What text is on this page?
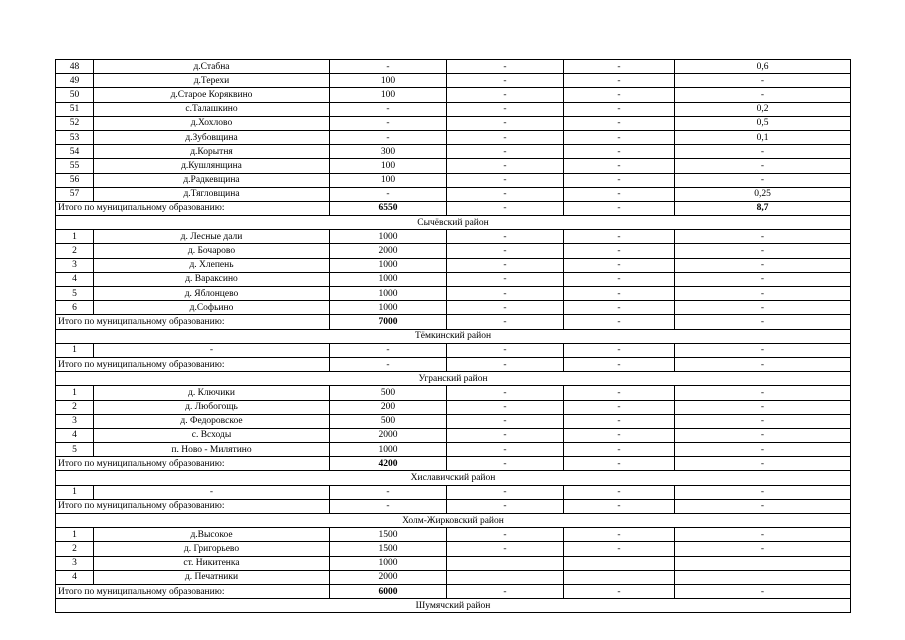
48	д.Стабна	-	-	-	0,6
49	д.Терехи	100	-	-	-
50	д.Старое Коряквино	100	-	-	-
51	с.Талашкино	-	-	-	0,2
52	д.Хохлово	-	-	-	0,5
53	д.Зубовщина	-	-	-	0,1
54	д.Корытня	300	-	-	-
55	д.Кушлянщина	100	-	-	-
56	д.Радкевщина	100	-	-	-
57	д.Тягловщина	-	-	-	0,25
Итого по муниципальному образованию:		6550	-	-	8,7
Сычёвский район					
1	д. Лесные дали	1000	-	-	-
2	д. Бочарово	2000	-	-	-
3	д. Хлепень	1000	-	-	-
4	д. Вараксино	1000	-	-	-
5	д. Яблонцево	1000	-	-	-
6	д.Софьино	1000	-	-	-
Итого по муниципальному образованию:		7000	-	-	-
Тёмкинский район					
1	-	-	-	-	-
Итого по муниципальному образованию:		-	-	-	-
Угранский район					
1	д. Ключики	500	-	-	-
2	д. Любогощь	200	-	-	-
3	д. Федоровское	500	-	-	-
4	с. Всходы	2000	-	-	-
5	п. Ново - Милятино	1000	-	-	-
Итого по муниципальному образованию:		4200	-	-	-
Хиславичский район					
1	-	-	-	-	-
Итого по муниципальному образованию:		-	-	-	-
Холм-Жирковский район					
1	д.Высокое	1500	-	-	-
2	д. Григорьево	1500	-	-	-
3	ст. Никитенка	1000			
4	д. Печатники	2000			
Итого по муниципальному образованию:		6000	-	-	-
Шумячский район					
